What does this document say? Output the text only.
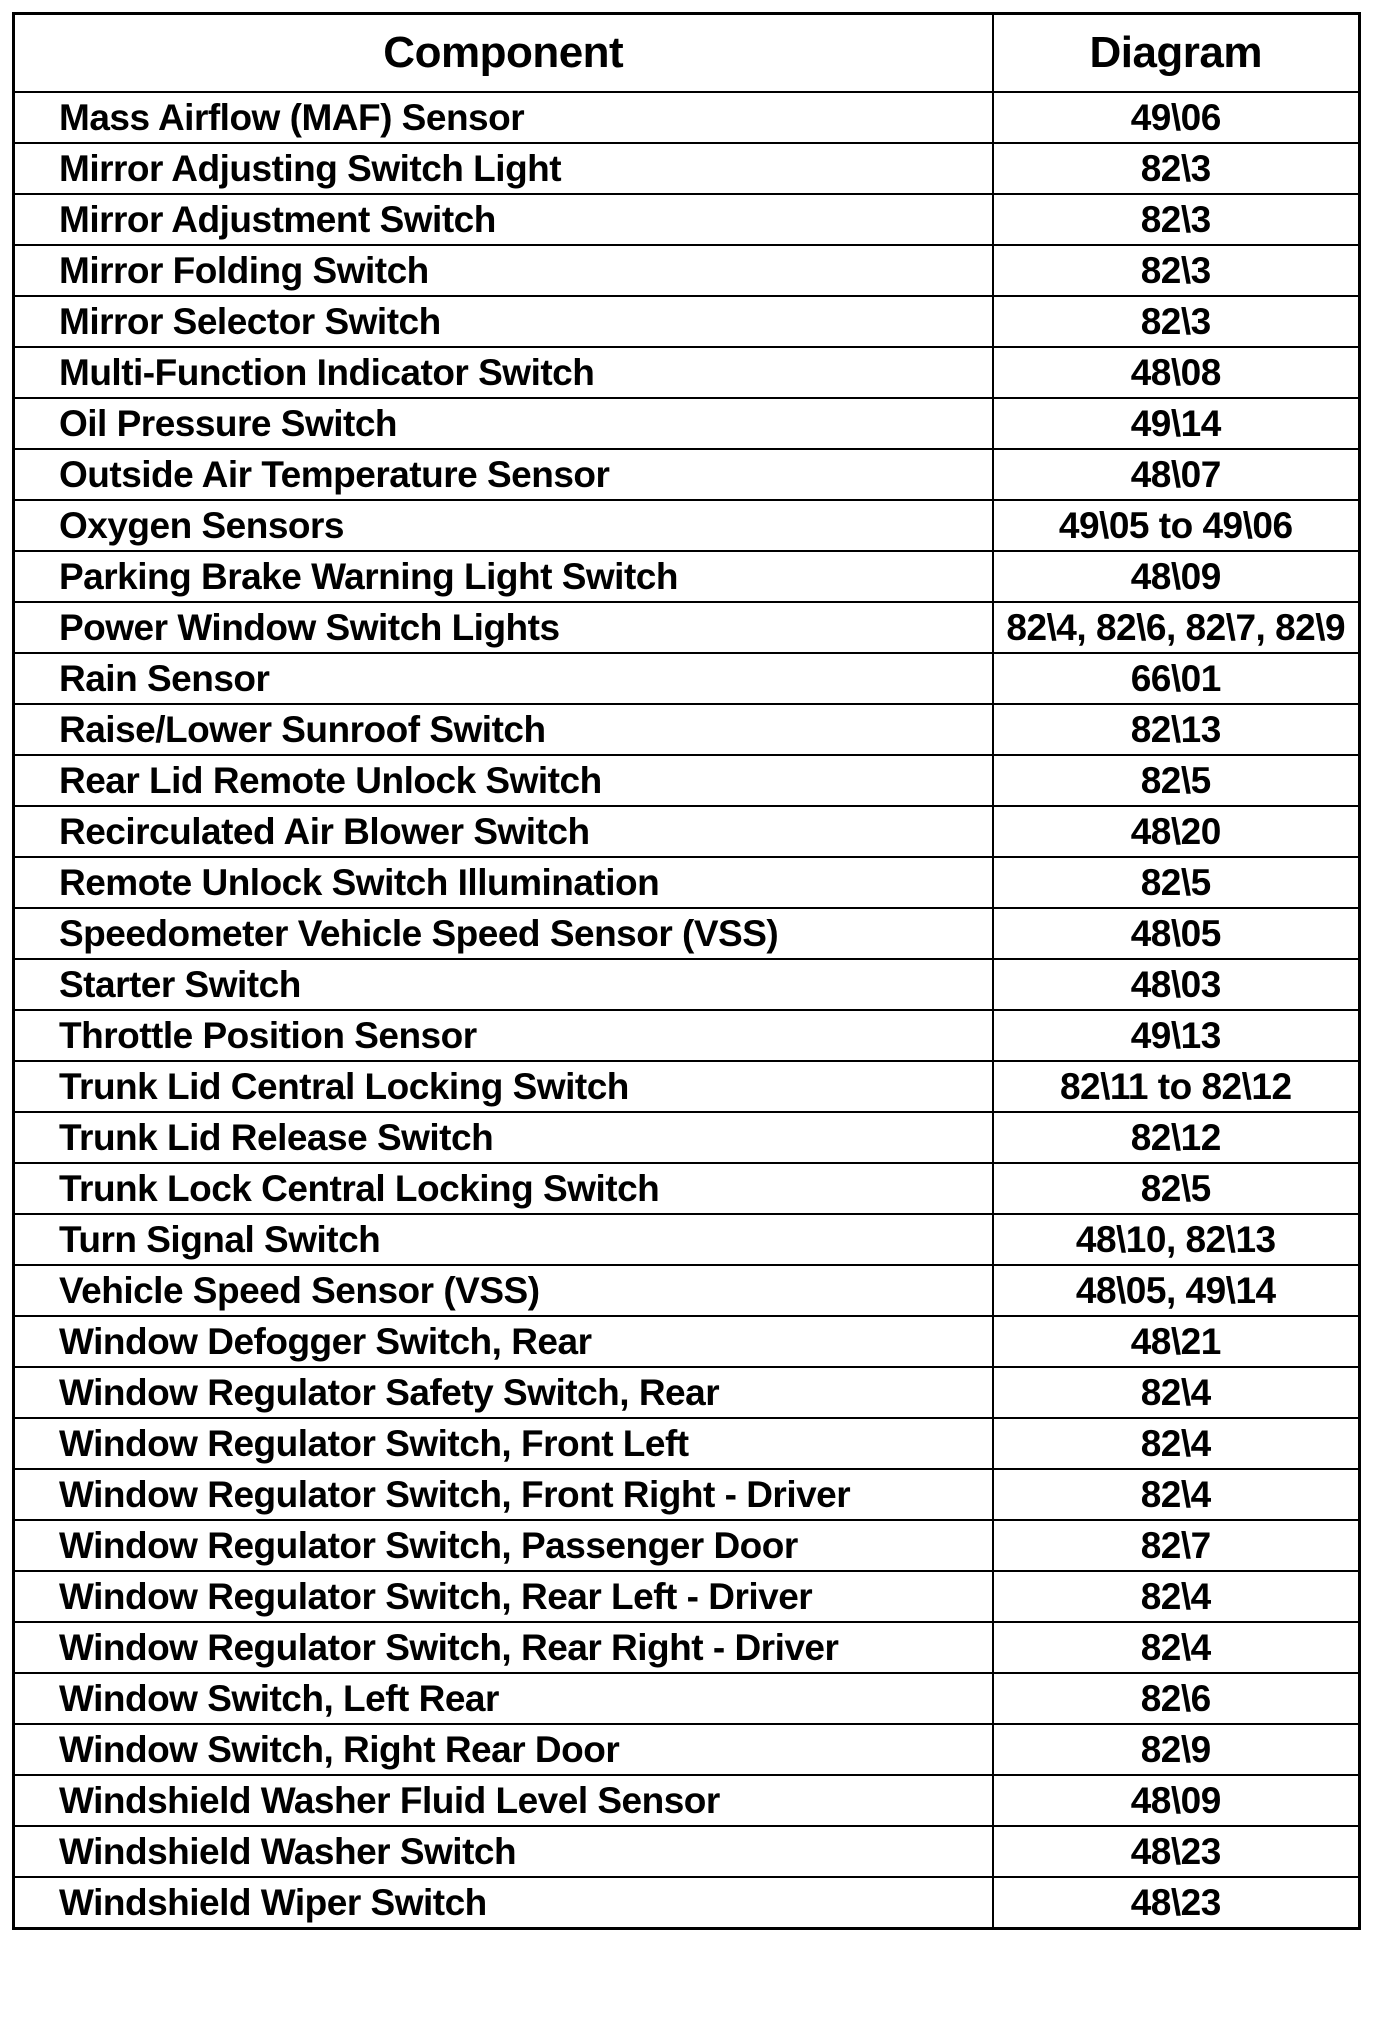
Component	Diagram
Mass Airflow (MAF) Sensor	49\06
Mirror Adjusting Switch Light	82\3
Mirror Adjustment Switch	82\3
Mirror Folding Switch	82\3
Mirror Selector Switch	82\3
Multi-Function Indicator Switch	48\08
Oil Pressure Switch	49\14
Outside Air Temperature Sensor	48\07
Oxygen Sensors	49\05 to 49\06
Parking Brake Warning Light Switch	48\09
Power Window Switch Lights	82\4, 82\6, 82\7, 82\9
Rain Sensor	66\01
Raise/Lower Sunroof Switch	82\13
Rear Lid Remote Unlock Switch	82\5
Recirculated Air Blower Switch	48\20
Remote Unlock Switch Illumination	82\5
Speedometer Vehicle Speed Sensor (VSS)	48\05
Starter Switch	48\03
Throttle Position Sensor	49\13
Trunk Lid Central Locking Switch	82\11 to 82\12
Trunk Lid Release Switch	82\12
Trunk Lock Central Locking Switch	82\5
Turn Signal Switch	48\10, 82\13
Vehicle Speed Sensor (VSS)	48\05, 49\14
Window Defogger Switch, Rear	48\21
Window Regulator Safety Switch, Rear	82\4
Window Regulator Switch, Front Left	82\4
Window Regulator Switch, Front Right - Driver	82\4
Window Regulator Switch, Passenger Door	82\7
Window Regulator Switch, Rear Left - Driver	82\4
Window Regulator Switch, Rear Right - Driver	82\4
Window Switch, Left Rear	82\6
Window Switch, Right Rear Door	82\9
Windshield Washer Fluid Level Sensor	48\09
Windshield Washer Switch	48\23
Windshield Wiper Switch	48\23
